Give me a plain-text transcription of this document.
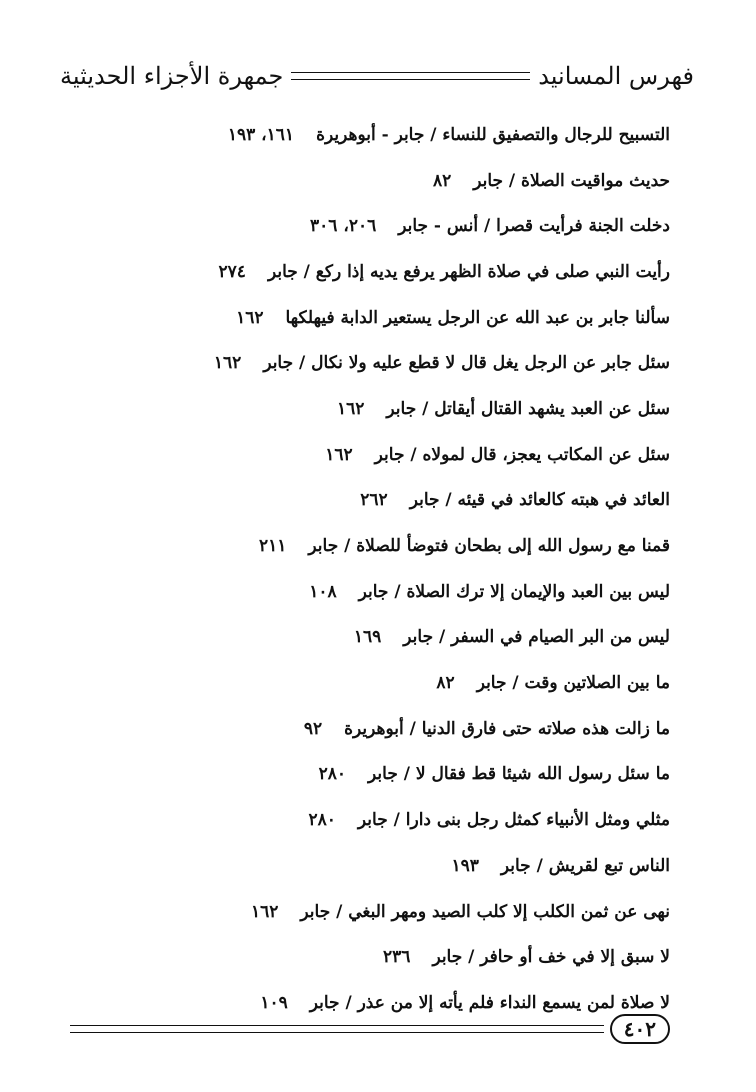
فهرس المسانيد
جمهرة الأجزاء الحديثية
التسبيح للرجال والتصفيق للنساء / جابر - أبوهريرة
١٦١، ١٩٣
حديث مواقيت الصلاة / جابر
٨٢
دخلت الجنة فرأيت قصرا / أنس - جابر
٢٠٦، ٣٠٦
رأيت النبي صلى في صلاة الظهر يرفع يديه إذا ركع / جابر
٢٧٤
سألنا جابر بن عبد الله عن الرجل يستعير الدابة فيهلكها
١٦٢
سئل جابر عن الرجل يغل قال لا قطع عليه ولا نكال / جابر
١٦٢
سئل عن العبد يشهد القتال أيقاتل / جابر
١٦٢
سئل عن المكاتب يعجز، قال لمولاه / جابر
١٦٢
العائد في هبته كالعائد في قيئه / جابر
٢٦٢
قمنا مع رسول الله إلى بطحان فتوضأ للصلاة / جابر
٢١١
ليس بين العبد والإيمان إلا ترك الصلاة / جابر
١٠٨
ليس من البر الصيام في السفر / جابر
١٦٩
ما بين الصلاتين وقت / جابر
٨٢
ما زالت هذه صلاته حتى فارق الدنيا / أبوهريرة
٩٢
ما سئل رسول الله شيئا قط فقال لا / جابر
٢٨٠
مثلي ومثل الأنبياء كمثل رجل بنى دارا / جابر
٢٨٠
الناس تبع لقريش / جابر
١٩٣
نهى عن ثمن الكلب إلا كلب الصيد ومهر البغي / جابر
١٦٢
لا سبق إلا في خف أو حافر / جابر
٢٣٦
لا صلاة لمن يسمع النداء فلم يأته إلا من عذر / جابر
١٠٩
٤٠٢
